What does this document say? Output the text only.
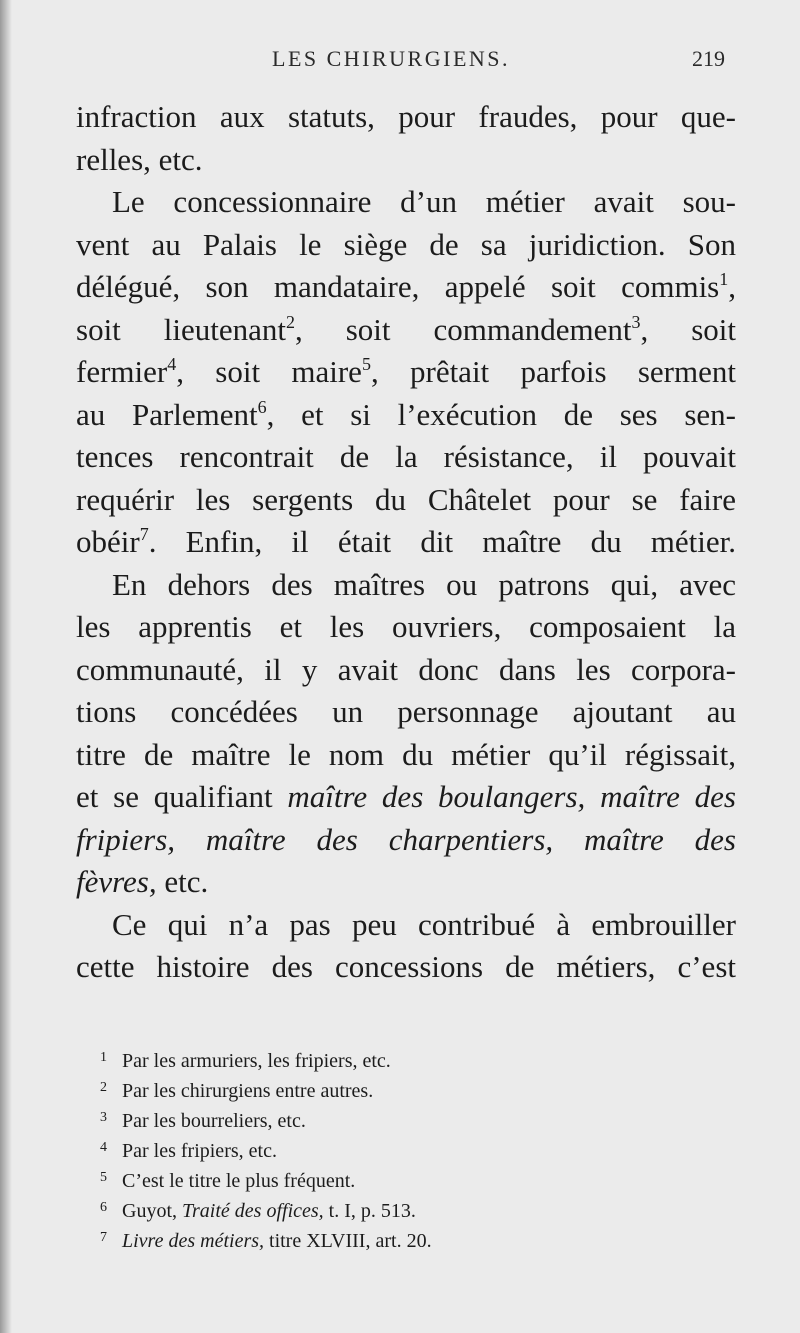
LES CHIRURGIENS.	219
infraction aux statuts, pour fraudes, pour que-
relles, etc.
Le concessionnaire d’un métier avait sou-
vent au Palais le siège de sa juridiction. Son
délégué, son mandataire, appelé soit commis$^1$,
soit lieutenant$^2$, soit commandement$^3$, soit
fermier$^4$, soit maire$^5$, prêtait parfois serment
au Parlement$^6$, et si l’exécution de ses sen-
tences rencontrait de la résistance, il pouvait
requérir les sergents du Châtelet pour se faire
obéir$^7$. Enfin, il était dit maître du métier.
En dehors des maîtres ou patrons qui, avec
les apprentis et les ouvriers, composaient la
communauté, il y avait donc dans les corpora-
tions concédées un personnage ajoutant au
titre de maître le nom du métier qu’il régissait,
et se qualifiant maître des boulangers, maître des
fripiers, maître des charpentiers, maître des
fèvres, etc.
Ce qui n’a pas peu contribué à embrouiller
cette histoire des concessions de métiers, c’est
1 Par les armuriers, les fripiers, etc.
2 Par les chirurgiens entre autres.
3 Par les bourreliers, etc.
4 Par les fripiers, etc.
5 C’est le titre le plus fréquent.
6 Guyot, Traité des offices, t. I, p. 513.
7 Livre des métiers, titre XLVIII, art. 20.
